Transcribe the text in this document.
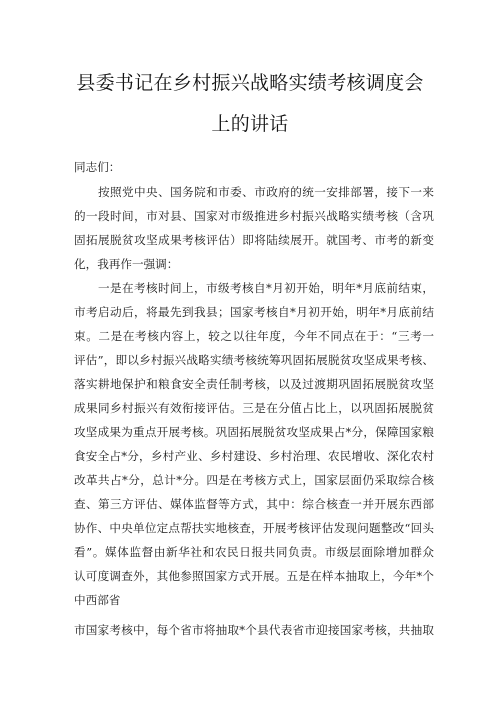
县委书记在乡村振兴战略实绩考核调度会
上的讲话

同志们：

按照党中央、国务院和市委、市政府的统一安排部署，接下一来

的一段时间，市对县、国家对市级推进乡村振兴战略实绩考核（含巩

固拓展脱贫攻坚成果考核评估）即将陆续展开。就国考、市考的新变

化，我再作一强调：

一是在考核时间上，市级考核自*月初开始，明年*月底前结束，

市考启动后，将最先到我县；国家考核自*月初开始，明年*月底前结

束。二是在考核内容上，较之以往年度，今年不同点在于：“三考一

评估”，即以乡村振兴战略实绩考核统筹巩固拓展脱贫攻坚成果考核、

落实耕地保护和粮食安全责任制考核，以及过渡期巩固拓展脱贫攻坚

成果同乡村振兴有效衔接评估。三是在分值占比上，以巩固拓展脱贫

攻坚成果为重点开展考核。巩固拓展脱贫攻坚成果占*分，保障国家粮

食安全占*分，乡村产业、乡村建设、乡村治理、农民增收、深化农村

改革共占*分，总计*分。四是在考核方式上，国家层面仍采取综合核

查、第三方评估、媒体监督等方式，其中：综合核查一并开展东西部

协作、中央单位定点帮扶实地核查，开展考核评估发现问题整改“回头

看”。媒体监督由新华社和农民日报共同负责。市级层面除增加群众

认可度调查外，其他参照国家方式开展。五是在样本抽取上，今年*个

中西部省

市国家考核中，每个省市将抽取*个县代表省市迎接国家考核，共抽取
